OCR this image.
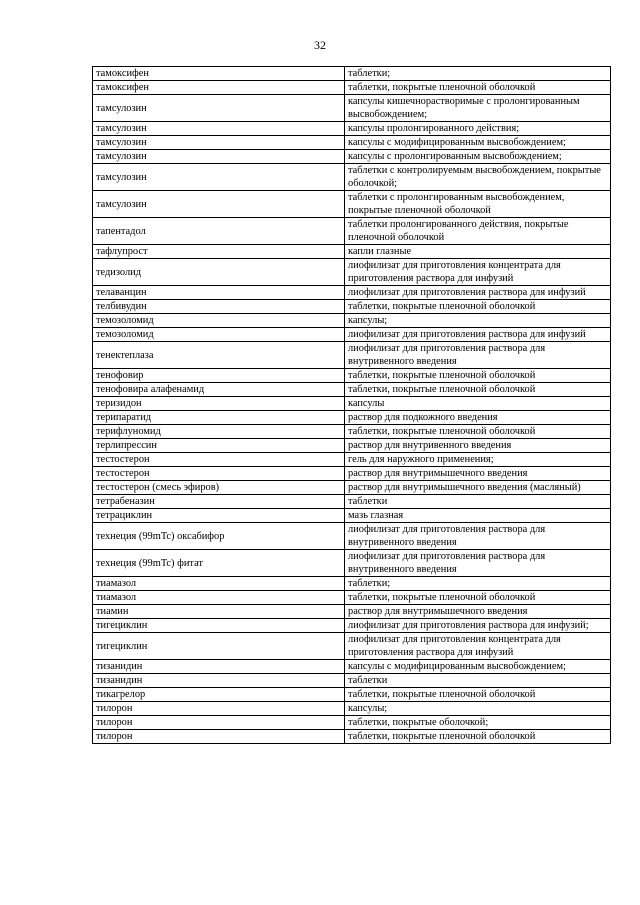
32
тамоксифен	таблетки;
тамоксифен	таблетки, покрытые пленочной оболочкой
тамсулозин	капсулы кишечнорастворимые с пролонгированным высвобождением;
тамсулозин	капсулы пролонгированного действия;
тамсулозин	капсулы с модифицированным высвобождением;
тамсулозин	капсулы с пролонгированным высвобождением;
тамсулозин	таблетки с контролируемым высвобождением, покрытые оболочкой;
тамсулозин	таблетки с пролонгированным высвобождением, покрытые пленочной оболочкой
тапентадол	таблетки пролонгированного действия, покрытые пленочной оболочкой
тафлупрост	капли глазные
тедизолид	лиофилизат для приготовления концентрата для приготовления раствора для инфузий
телаванцин	лиофилизат для приготовления раствора для инфузий
телбивудин	таблетки, покрытые пленочной оболочкой
темозоломид	капсулы;
темозоломид	лиофилизат для приготовления раствора для инфузий
тенектеплаза	лиофилизат для приготовления раствора для внутривенного введения
тенофовир	таблетки, покрытые пленочной оболочкой
тенофовира алафенамид	таблетки, покрытые пленочной оболочкой
теризидон	капсулы
терипаратид	раствор для подкожного введения
терифлуномид	таблетки, покрытые пленочной оболочкой
терлипрессин	раствор для внутривенного введения
тестостерон	гель для наружного применения;
тестостерон	раствор для внутримышечного введения
тестостерон (смесь эфиров)	раствор для внутримышечного введения (масляный)
тетрабеназин	таблетки
тетрациклин	мазь глазная
технеция (99mTc) оксабифор	лиофилизат для приготовления раствора для внутривенного введения
технеция (99mTc) фитат	лиофилизат для приготовления раствора для внутривенного введения
тиамазол	таблетки;
тиамазол	таблетки, покрытые пленочной оболочкой
тиамин	раствор для внутримышечного введения
тигециклин	лиофилизат для приготовления раствора для инфузий;
тигециклин	лиофилизат для приготовления концентрата для приготовления раствора для инфузий
тизанидин	капсулы с модифицированным высвобождением;
тизанидин	таблетки
тикагрелор	таблетки, покрытые пленочной оболочкой
тилорон	капсулы;
тилорон	таблетки, покрытые оболочкой;
тилорон	таблетки, покрытые пленочной оболочкой
